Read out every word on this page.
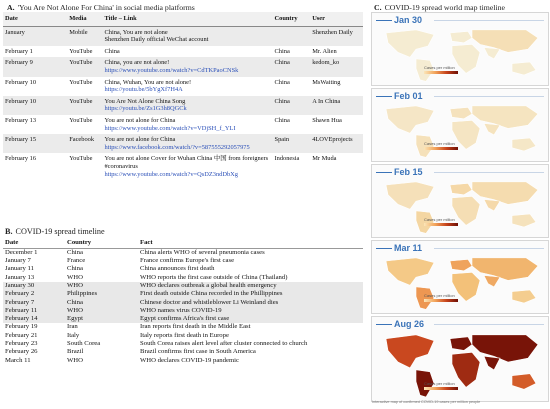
A. 'You Are Not Alone For China' in social media platforms
Date	Media	Title – Link	Country	User
January	Mobile	China, You are not alone
Shenzhen Daily official WeChat account		Shenzhen Daily
February 1	YouTube	China	China	Mr. Alien
February 9	YouTube	China, you are not alone!
https://www.youtube.com/watch?v=CdTKPaoCNSk	China	kedom_ko
February 10	YouTube	China, Wuhan, You are not alone!
https://youtu.be/5bYgXf7H4A	China	MsWaiting
February 10	YouTube	You Are Not Alone China Song
https://youtu.be/Zs1G3h8QGCk	China	A In China
February 13	YouTube	You are not alone for China
https://www.youtube.com/watch?v=VDjSH_f_YLI	China	Shawn Hua
February 15	Facebook	You are not alone for China
https://www.facebook.com/watch/?v=587555292057975	Spain	4LOVEprojects
February 16	YouTube	You are not alone Cover for Wuhan China 中国 from foreigners #coronavirus
https://www.youtube.com/watch?v=QsDZ3ndDbXg	Indonesia	Mr Muda
B. COVID-19 spread timeline
Date	Country	Fact
December 1	China	China alerts WHO of several pneumonia cases
January 7	France	France confirms Europe's first case
January 11	China	China announces first death
January 13	WHO	WHO reports the first case outside of China (Thailand)
January 30	WHO	WHO declares outbreak a global health emergency
February 2	Philippines	First death outside China recorded in the Phillippines
February 7	China	Chinese doctor and whistleblower Li Weinland dies
February 11	WHO	WHO names virus COVID-19
February 14	Egypt	Egypt confirms Africa's first case
February 19	Iran	Iran reports first death in the Middle East
February 21	Italy	Italy reports first death in Europe
February 23	South Corea	South Corea raises alert level after cluster connected to church
February 26	Brazil	Brazil confirms first case in South America
March 11	WHO	WHO declares COVID-19 pandemic
C. COVID-19 spread world map timeline
Jan 30
Cases per million
Feb 01
Cases per million
Feb 15
Cases per million
Mar 11
Cases per million
Aug 26
Cases per million
Interactive map of confirmed COVID-19 cases per million people
